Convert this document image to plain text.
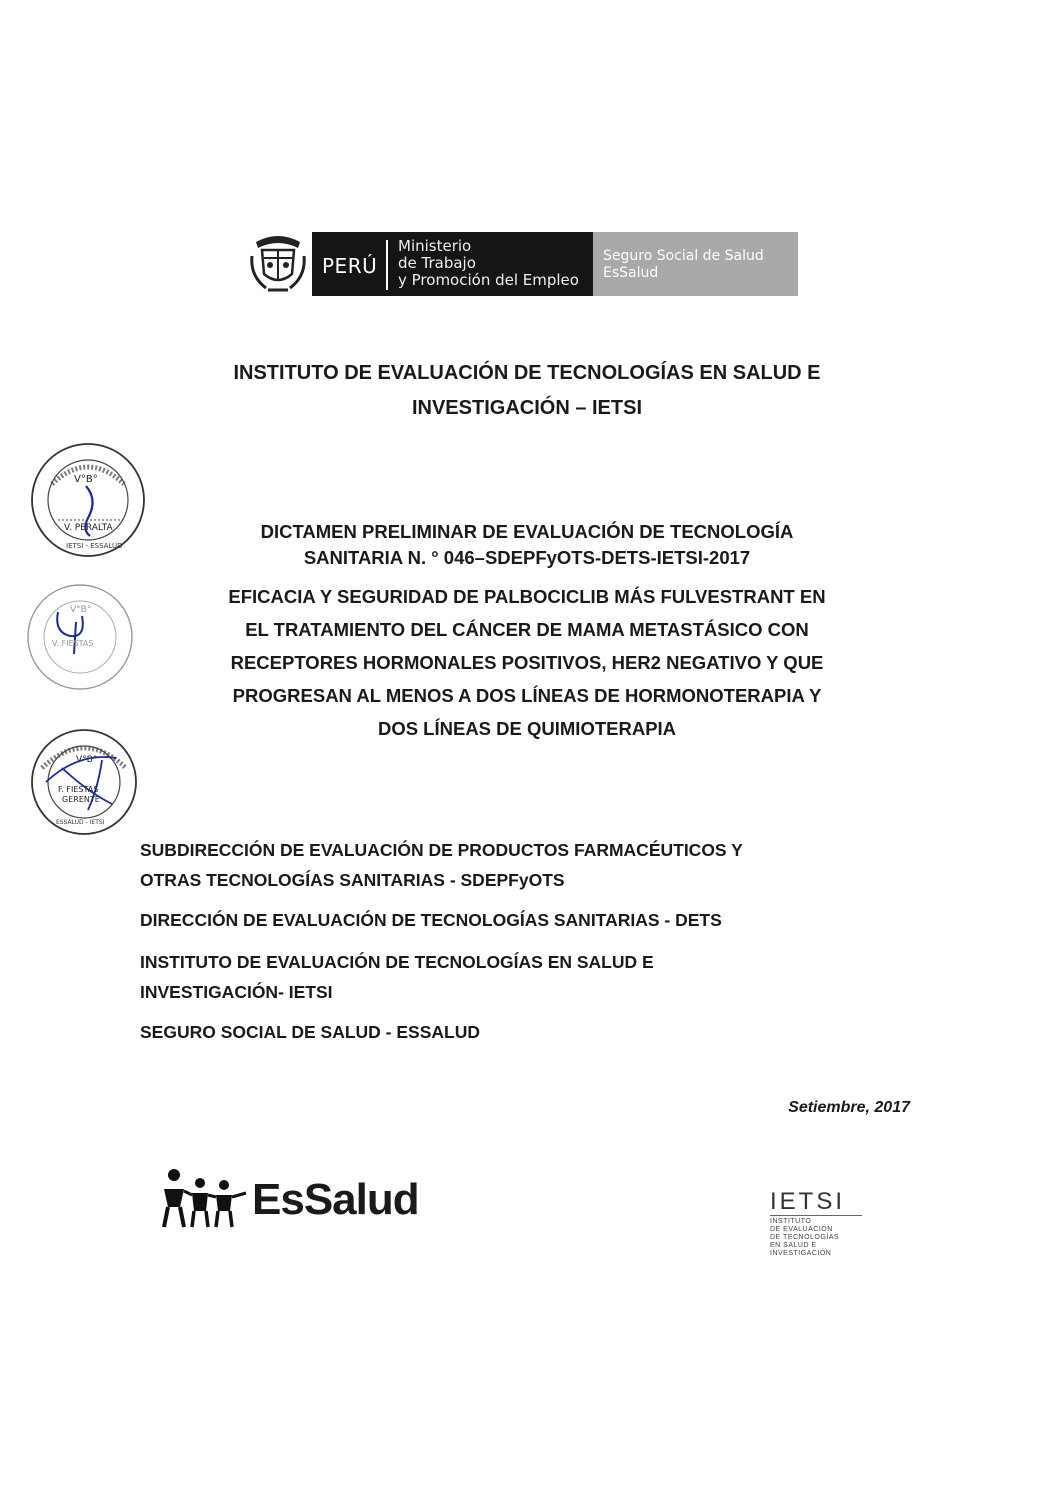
PERÚ
Ministerio
de Trabajo
y Promoción del Empleo
Seguro Social de Salud
EsSalud
INSTITUTO DE EVALUACIÓN DE TECNOLOGÍAS EN SALUD E
INVESTIGACIÓN – IETSI
V°B°
V. PERALTA
IETSI - ESSALUD
V°B°
V. FIESTAS
V°B°
F. FIESTAS
GERENTE
ESSALUD - IETSI
DICTAMEN PRELIMINAR DE EVALUACIÓN DE TECNOLOGÍA
SANITARIA N. ° 046–SDEPFyOTS-DETS-IETSI-2017
EFICACIA Y SEGURIDAD DE PALBOCICLIB MÁS FULVESTRANT EN
EL TRATAMIENTO DEL CÁNCER DE MAMA METASTÁSICO CON
RECEPTORES HORMONALES POSITIVOS, HER2 NEGATIVO Y QUE
PROGRESAN AL MENOS A DOS LÍNEAS DE HORMONOTERAPIA Y
DOS LÍNEAS DE QUIMIOTERAPIA
SUBDIRECCIÓN DE EVALUACIÓN DE PRODUCTOS FARMACÉUTICOS Y
OTRAS TECNOLOGÍAS SANITARIAS - SDEPFyOTS
DIRECCIÓN DE EVALUACIÓN DE TECNOLOGÍAS SANITARIAS - DETS
INSTITUTO DE EVALUACIÓN DE TECNOLOGÍAS EN SALUD E
INVESTIGACIÓN- IETSI
SEGURO SOCIAL DE SALUD - ESSALUD
Setiembre, 2017
EsSalud	IETSI
INSTITUTO
DE EVALUACIÓN
DE TECNOLOGÍAS
EN SALUD E
INVESTIGACIÓN
